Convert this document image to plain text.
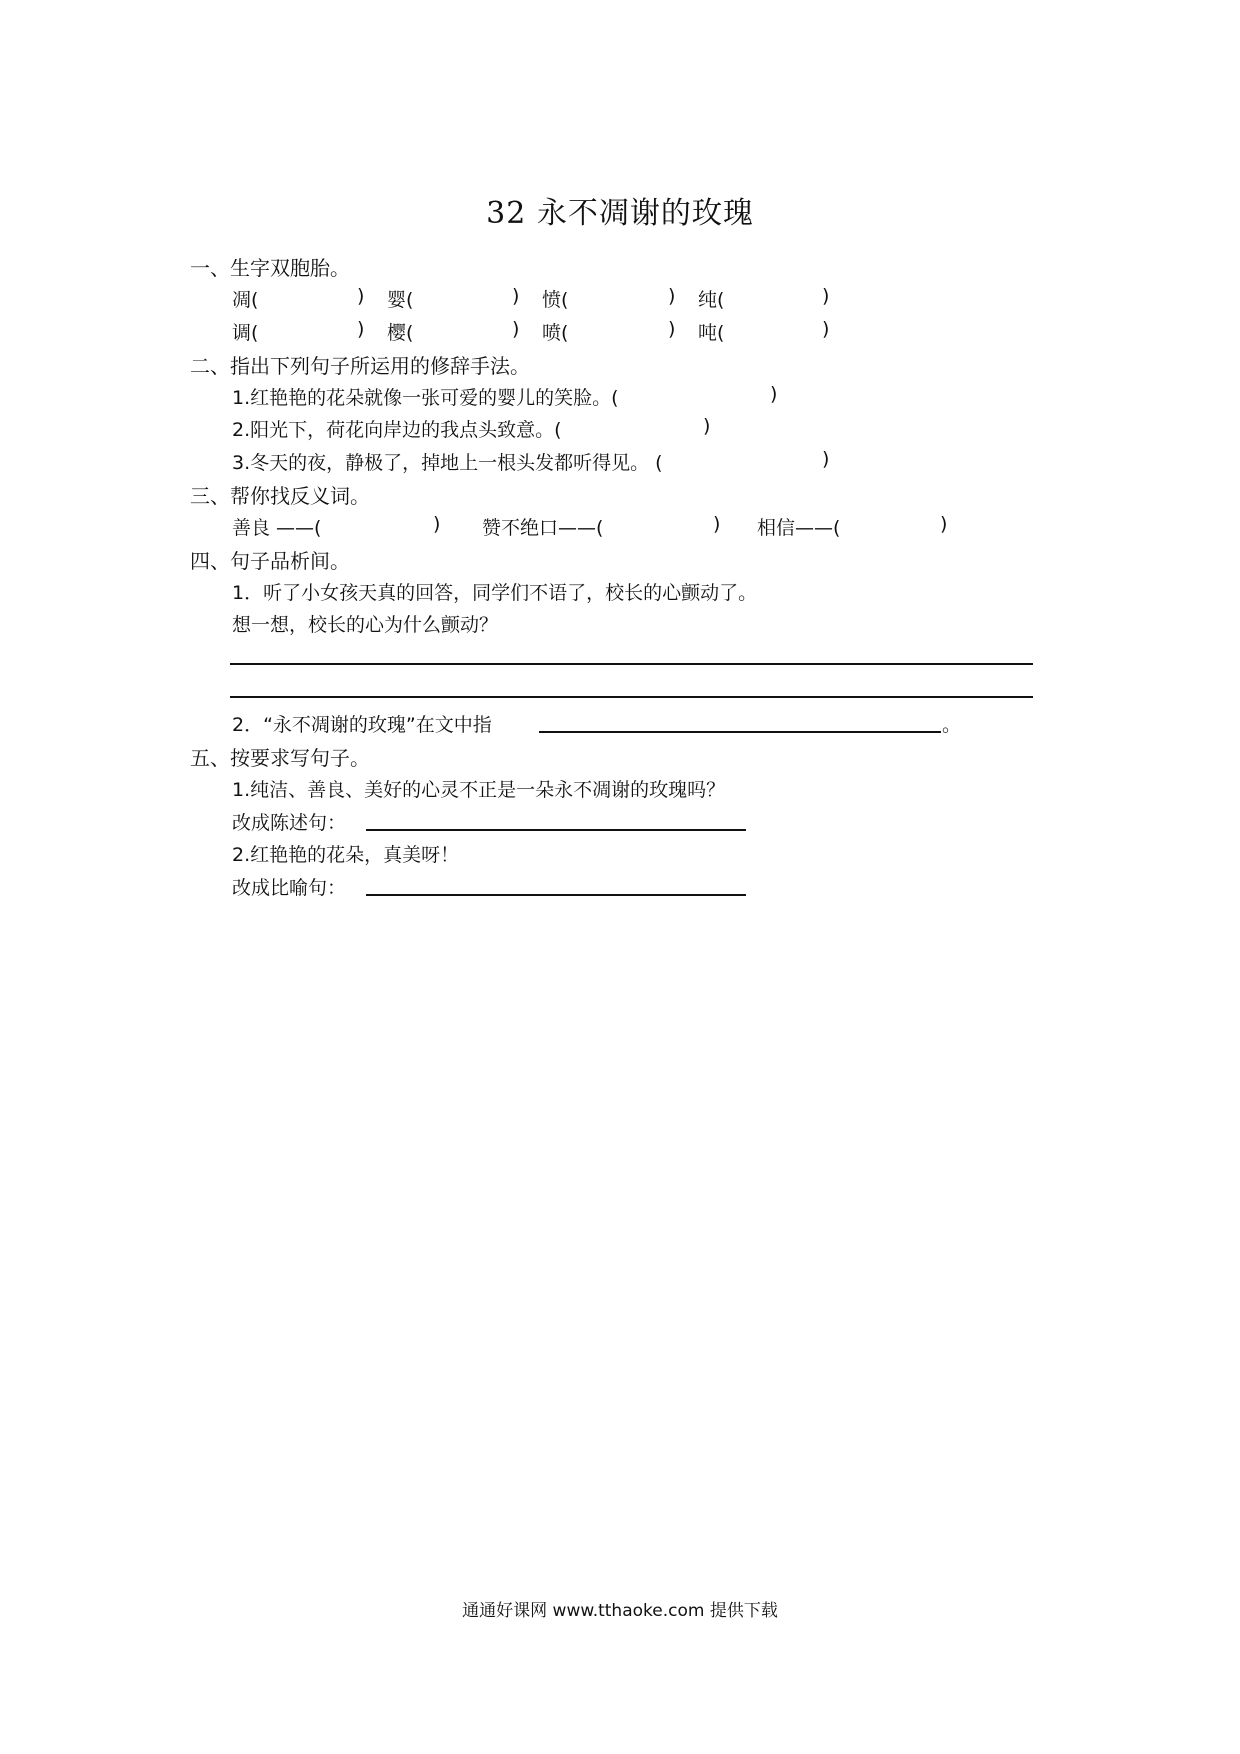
32 永不凋谢的玫瑰
一、生字双胞胎。
凋(	) 婴(	) 愤(	) 纯(	)
调(	) 樱(	) 喷(	) 吨(	)
二、指出下列句子所运用的修辞手法。
1.红艳艳的花朵就像一张可爱的婴儿的笑脸。(	)
2.阳光下，荷花向岸边的我点头致意。(	)
3.冬天的夜，静极了，掉地上一根头发都听得见。 (	)
三、帮你找反义词。
善良 ——(	) 赞不绝口——(	) 相信——(	)
四、句子品析间。
1．听了小女孩天真的回答，同学们不语了，校长的心颤动了。
想一想，校长的心为什么颤动？
2．“永不凋谢的玫瑰”在文中指	。
五、按要求写句子。
1.纯洁、善良、美好的心灵不正是一朵永不凋谢的玫瑰吗？
改成陈述句：
2.红艳艳的花朵，真美呀！
改成比喻句：
通通好课网 www.tthaoke.com 提供下载
